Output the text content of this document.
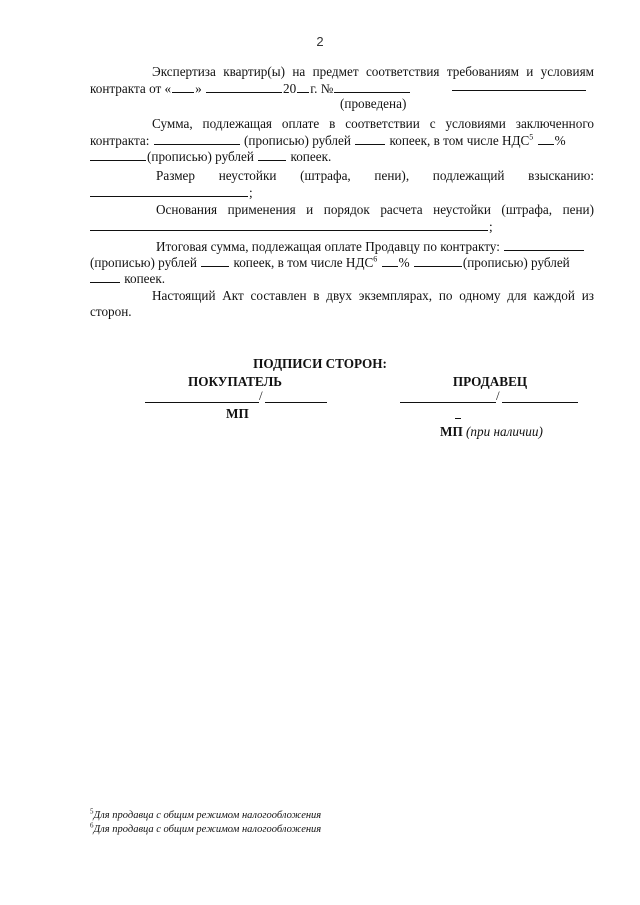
2
Экспертиза квартир(ы) на предмет соответствия требованиям и условиям
контракта от « »	20 г. №
(проведена)
Сумма, подлежащая оплате в соответствии с условиями заключенного
контракта:	(прописью) рублей	копеек, в том числе НДС$^5$ %
(прописью) рублей	копеек.
Размер неустойки (штрафа, пени), подлежащий взысканию:
;
Основания применения и порядок расчета неустойки (штрафа, пени)
;
Итоговая сумма, подлежащая оплате Продавцу по контракту:
(прописью) рублей	копеек, в том числе НДС$^6$ %	(прописью) рублей
копеек.
Настоящий Акт составлен в двух экземплярах, по одному для каждой из
сторон.
ПОДПИСИ СТОРОН:
ПОКУПАТЕЛЬ	ПРОДАВЕЦ
/	/
МП
МП (при наличии)
$^5$Для продавца с общим режимом налогообложения
$^6$Для продавца с общим режимом налогообложения
